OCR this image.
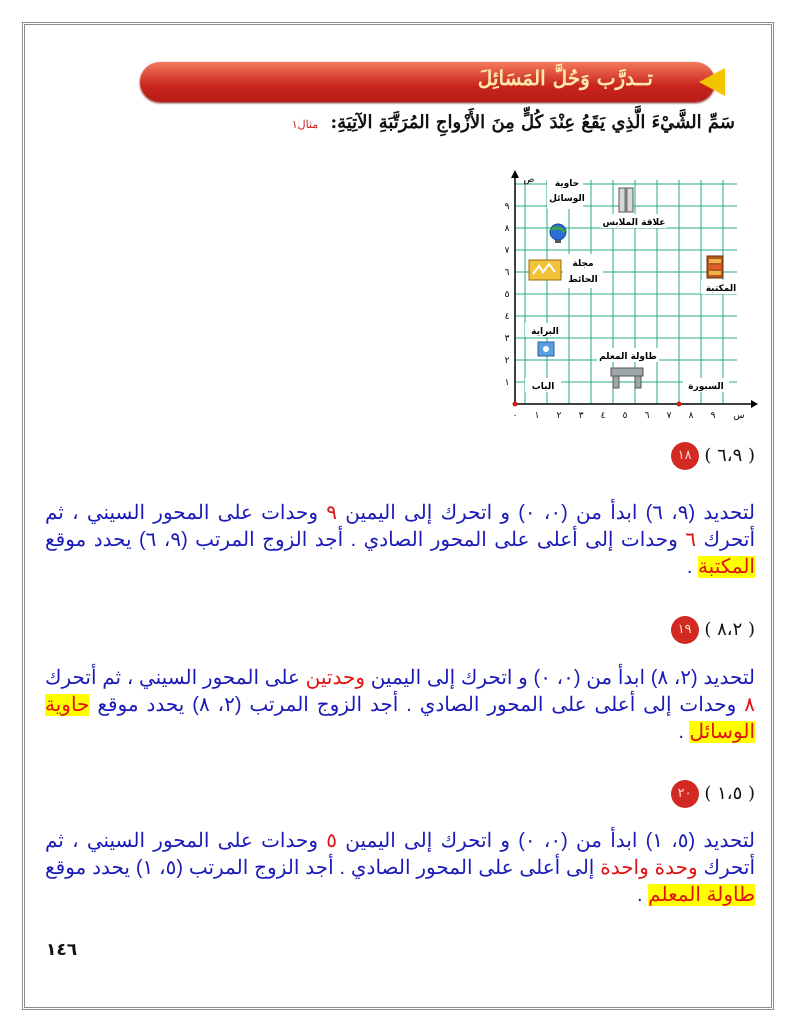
تــدرَّب وَحُلَّ المَسَائِلَ
سَمِّ الشَّيْءَ الَّذِي يَقَعُ عِنْدَ كُلٍّ مِنَ الأَزْواجِ المُرَتَّبَةِ الآتِيَةِ: مثال١
٠ ١ ٢ ٣ ٤ ٥ ٦ ٧ ٨ ٩ س
١
٢
٣
٤
٥
٦
٧
٨
٩
ص حاوية
الوسائل
علاقة الملابس
مجلة
الحائط
المكتبة
البراية
طاولة المعلم
الباب	السبورة
( ٦،٩ ) ١٨
لتحديد (٩، ٦) ابدأ من (٠، ٠) و اتحرك إلى اليمين ٩ وحدات على المحور السيني ، ثم أتحرك ٦ وحدات إلى أعلى على المحور الصادي . أجد الزوج المرتب (٩، ٦) يحدد موقع المكتبة .
( ٨،٢ ) ١٩
لتحديد (٢، ٨) ابدأ من (٠، ٠) و اتحرك إلى اليمين وحدتين على المحور السيني ، ثم أتحرك ٨ وحدات إلى أعلى على المحور الصادي . أجد الزوج المرتب (٢، ٨) يحدد موقع حاوية الوسائل .
( ١،٥ ) ٢٠
لتحديد (٥، ١) ابدأ من (٠، ٠) و اتحرك إلى اليمين ٥ وحدات على المحور السيني ، ثم أتحرك وحدة واحدة إلى أعلى على المحور الصادي . أجد الزوج المرتب (٥، ١) يحدد موقع طاولة المعلم .
١٤٦
